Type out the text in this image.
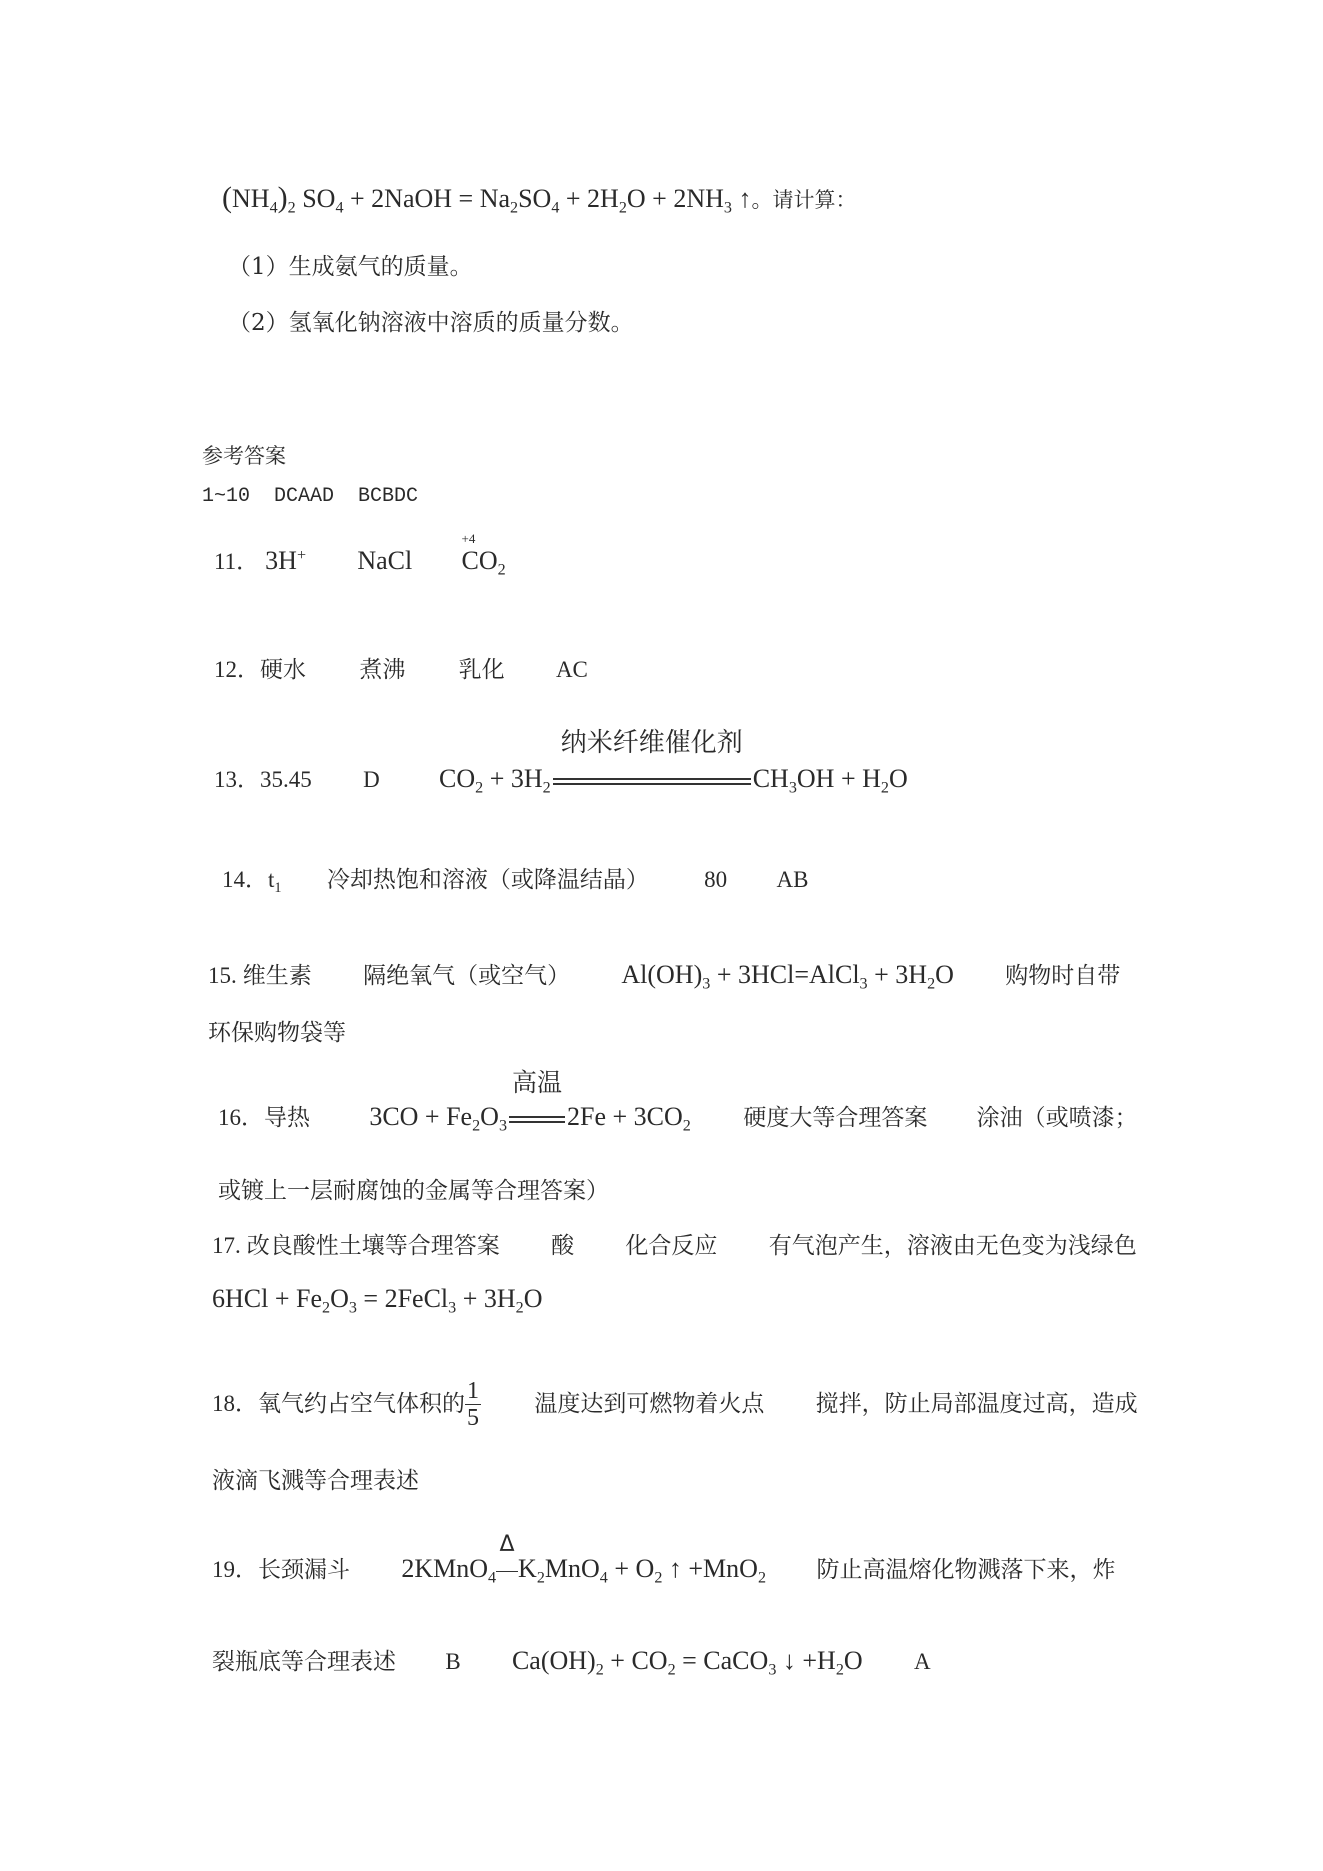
$(NH_4)_2$ $SO_4$ + 2NaOH = $Na_2SO_4 + 2H_2O + 2NH_3$ ↑。请计算：
（1）生成氨气的质量。
（2）氢氧化钠溶液中溶质的质量分数。
参考答案
1~10  DCAAD  BCBDC
11． 3H+ NaCl
+4
$CO_2$
12．硬水 煮沸 乳化 AC
13．35.45 D $CO_2 + 3H_2$
纳米纤维催化剂
$CH_3OH + H_2O$
14．$t_1$ 冷却热饱和溶液（或降温结晶） 80 AB
15. 维生素 隔绝氧气（或空气） $Al(OH)_3$ + 3HCl=AlCl$_3$ + $3H_2O$ 购物时自带
环保购物袋等
16．导热 $3CO + Fe_2O_3$
高温
$2Fe + 3CO_2$ 硬度大等合理答案 涂油（或喷漆；
或镀上一层耐腐蚀的金属等合理答案）
17. 改良酸性土壤等合理答案 酸 化合反应 有气泡产生，溶液由无色变为浅绿色
$6HCl + Fe_2O_3$ = 2FeCl$_3$ + $3H_2O$
18．氧气约占空气体积的 $\frac{1}{5}$ 温度达到可燃物着火点 搅拌，防止局部温度过高，造成
液滴飞溅等合理表述
19．长颈漏斗 2KMnO$_4$
Δ
$K_2MnO_4 + O_2$ ↑ +MnO$_2$ 防止高温熔化物溅落下来，炸
裂瓶底等合理表述 B $Ca(OH)_2 + CO_2$ = CaCO$_3$ ↓ $+H_2O$ A
